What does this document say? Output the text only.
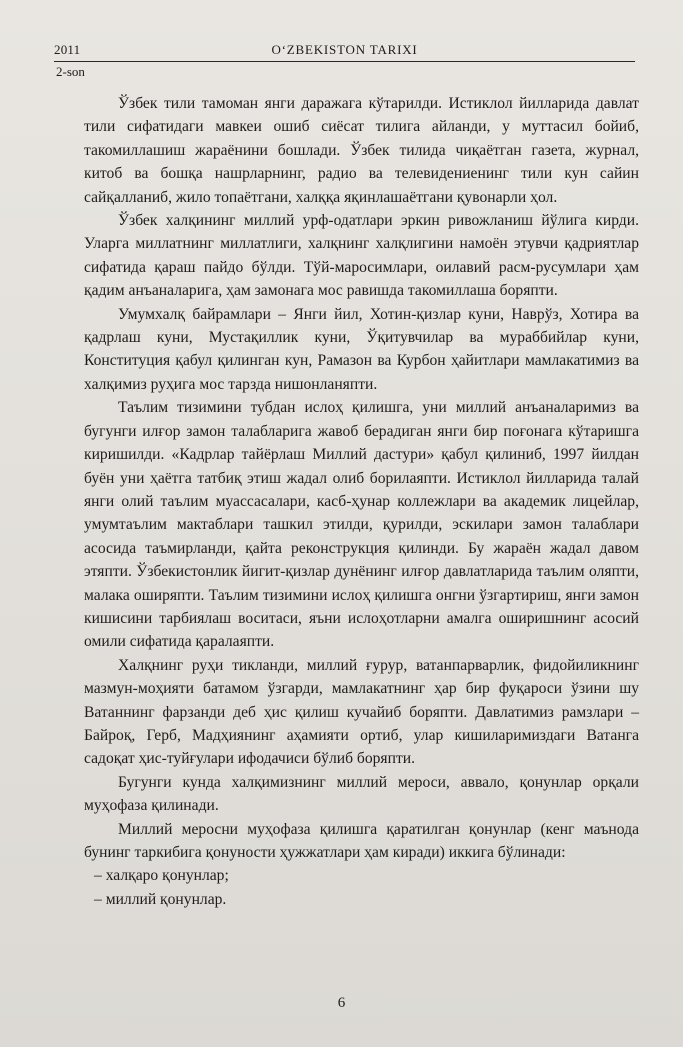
2011	O‘ZBEKISTON TARIXI
2-son

Ўзбек тили тамоман янги даражага кўтарилди. Истиклол йилларида давлат тили сифатидаги мавкеи ошиб сиёсат тилига айланди, у муттасил бойиб, такомиллашиш жараёнини бошлади. Ўзбек тилида чиқаётган газета, журнал, китоб ва бошқа нашрларнинг, радио ва телевидениенинг тили кун сайин сайқалланиб, жило топаётгани, халққа яқинлашаётгани қувонарли ҳол.

Ўзбек халқининг миллий урф-одатлари эркин ривожланиш йўлига кирди. Уларга миллатнинг миллатлиги, халқнинг халқлигини намоён этувчи қадриятлар сифатида қараш пайдо бўлди. Тўй-маросимлари, оилавий расм-русумлари ҳам қадим анъаналарига, ҳам замонага мос равишда такомиллаша боряпти.

Умумхалқ байрамлари – Янги йил, Хотин-қизлар куни, Наврўз, Хотира ва қадрлаш куни, Мустақиллик куни, Ўқитувчилар ва мураббийлар куни, Конституция қабул қилинган кун, Рамазон ва Курбон ҳайитлари мамлакатимиз ва халқимиз руҳига мос тарзда нишонланяпти.

Таълим тизимини тубдан ислоҳ қилишга, уни миллий анъаналаримиз ва бугунги илғор замон талабларига жавоб берадиган янги бир поғонага кўтаришга киришилди. «Кадрлар тайёрлаш Миллий дастури» қабул қилиниб, 1997 йилдан буён уни ҳаётга татбиқ этиш жадал олиб борилаяпти. Истиклол йилларида талай янги олий таълим муассасалари, касб-ҳунар коллежлари ва академик лицейлар, умумтаълим мактаблари ташкил этилди, қурилди, эскилари замон талаблари асосида таъмирланди, қайта реконструкция қилинди. Бу жараён жадал давом этяпти. Ўзбекистонлик йигит-қизлар дунёнинг илғор давлатларида таълим оляпти, малака оширяпти. Таълим тизимини ислоҳ қилишга онгни ўзгартириш, янги замон кишисини тарбиялаш воситаси, яъни ислоҳотларни амалга оширишнинг асосий омили сифатида қаралаяпти.

Халқнинг руҳи тикланди, миллий ғурур, ватанпарварлик, фидойиликнинг мазмун-моҳияти батамом ўзгарди, мамлакатнинг ҳар бир фуқароси ўзини шу Ватаннинг фарзанди деб ҳис қилиш кучайиб боряпти. Давлатимиз рамзлари – Байроқ, Герб, Мадҳиянинг аҳамияти ортиб, улар кишиларимиздаги Ватанга садоқат ҳис-туйғулари ифодачиси бўлиб боряпти.

Бугунги кунда халқимизнинг миллий мероси, аввало, қонунлар орқали муҳофаза қилинади.

Миллий меросни муҳофаза қилишга қаратилган қонунлар (кенг маънода бунинг таркибига қонуности ҳужжатлари ҳам киради) иккига бўлинади:

– халқаро қонунлар;
– миллий қонунлар.
6
